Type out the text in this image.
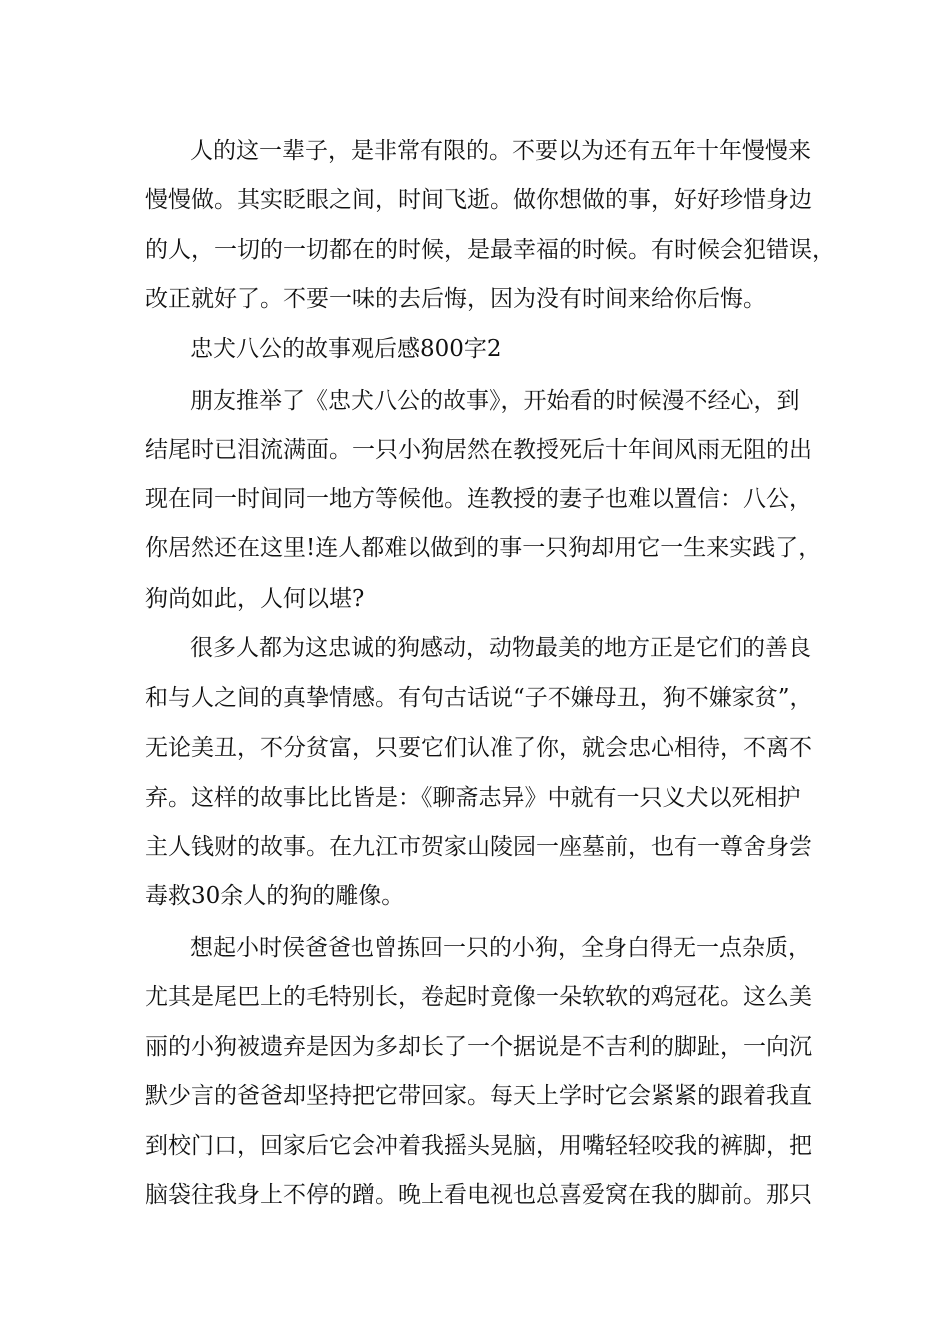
人的这一辈子，是非常有限的。不要以为还有五年十年慢慢来
慢慢做。其实眨眼之间，时间飞逝。做你想做的事，好好珍惜身边
的人，一切的一切都在的时候，是最幸福的时候。有时候会犯错误，
改正就好了。不要一味的去后悔，因为没有时间来给你后悔。
忠犬八公的故事观后感800字2
朋友推举了《忠犬八公的故事》，开始看的时候漫不经心，到
结尾时已泪流满面。一只小狗居然在教授死后十年间风雨无阻的出
现在同一时间同一地方等候他。连教授的妻子也难以置信：八公，
你居然还在这里!连人都难以做到的事一只狗却用它一生来实践了，
狗尚如此，人何以堪?
很多人都为这忠诚的狗感动，动物最美的地方正是它们的善良
和与人之间的真挚情感。有句古话说“子不嫌母丑，狗不嫌家贫”，
无论美丑，不分贫富，只要它们认准了你，就会忠心相待，不离不
弃。这样的故事比比皆是：《聊斋志异》中就有一只义犬以死相护
主人钱财的故事。在九江市贺家山陵园一座墓前，也有一尊舍身尝
毒救30余人的狗的雕像。
想起小时侯爸爸也曾拣回一只的小狗，全身白得无一点杂质，
尤其是尾巴上的毛特别长，卷起时竟像一朵软软的鸡冠花。这么美
丽的小狗被遗弃是因为多却长了一个据说是不吉利的脚趾，一向沉
默少言的爸爸却坚持把它带回家。每天上学时它会紧紧的跟着我直
到校门口，回家后它会冲着我摇头晃脑，用嘴轻轻咬我的裤脚，把
脑袋往我身上不停的蹭。晚上看电视也总喜爱窝在我的脚前。那只
